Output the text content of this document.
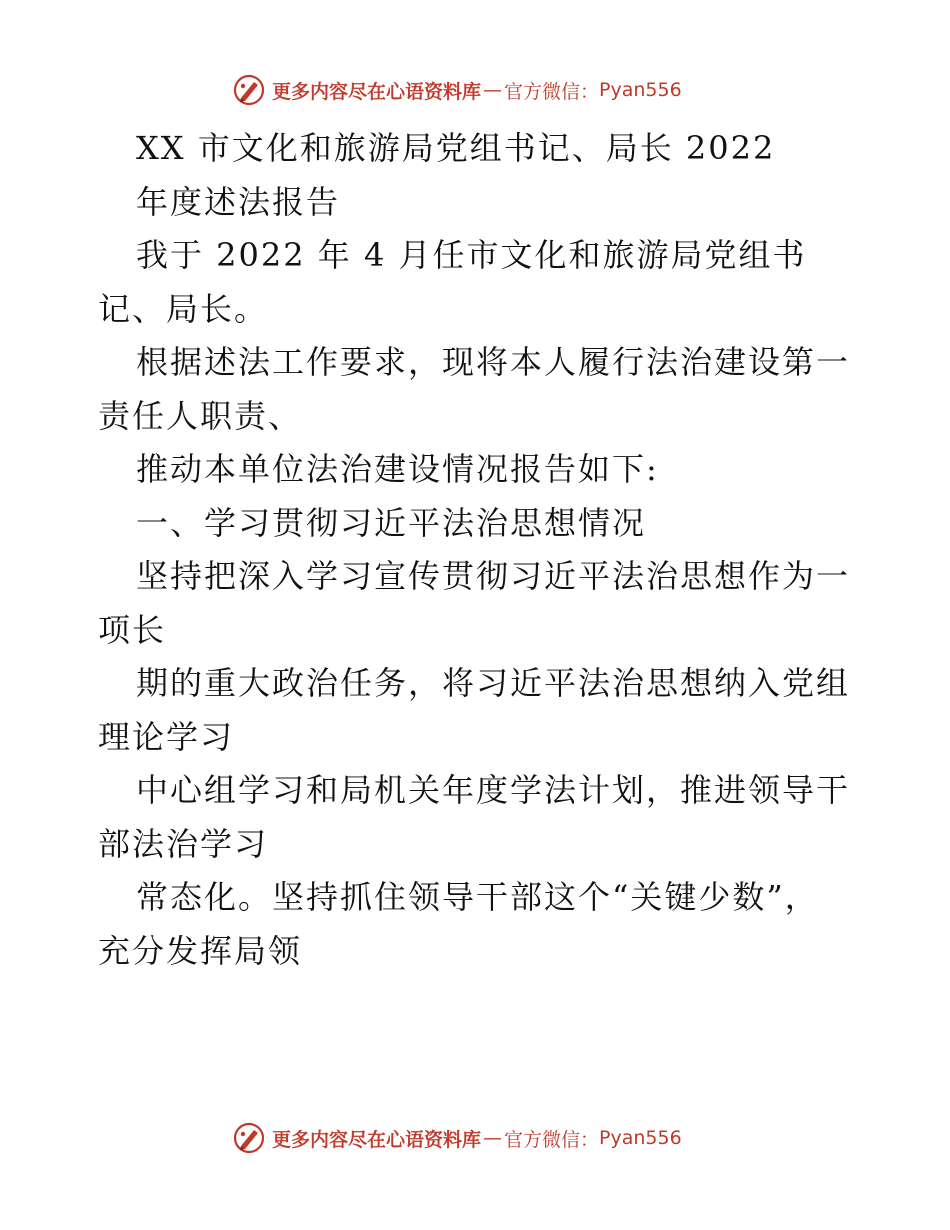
更多内容尽在心语资料库 — 官方微信： Pyan556
XX 市文化和旅游局党组书记、局长 2022
年度述法报告
我于 2022 年 4 月任市文化和旅游局党组书
记、局长。
根据述法工作要求，现将本人履行法治建设第一
责任人职责、
推动本单位法治建设情况报告如下:
一、学习贯彻习近平法治思想情况
坚持把深入学习宣传贯彻习近平法治思想作为一
项长
期的重大政治任务，将习近平法治思想纳入党组
理论学习
中心组学习和局机关年度学法计划，推进领导干
部法治学习
常态化。坚持抓住领导干部这个“关键少数”，
充分发挥局领
更多内容尽在心语资料库 — 官方微信： Pyan556
